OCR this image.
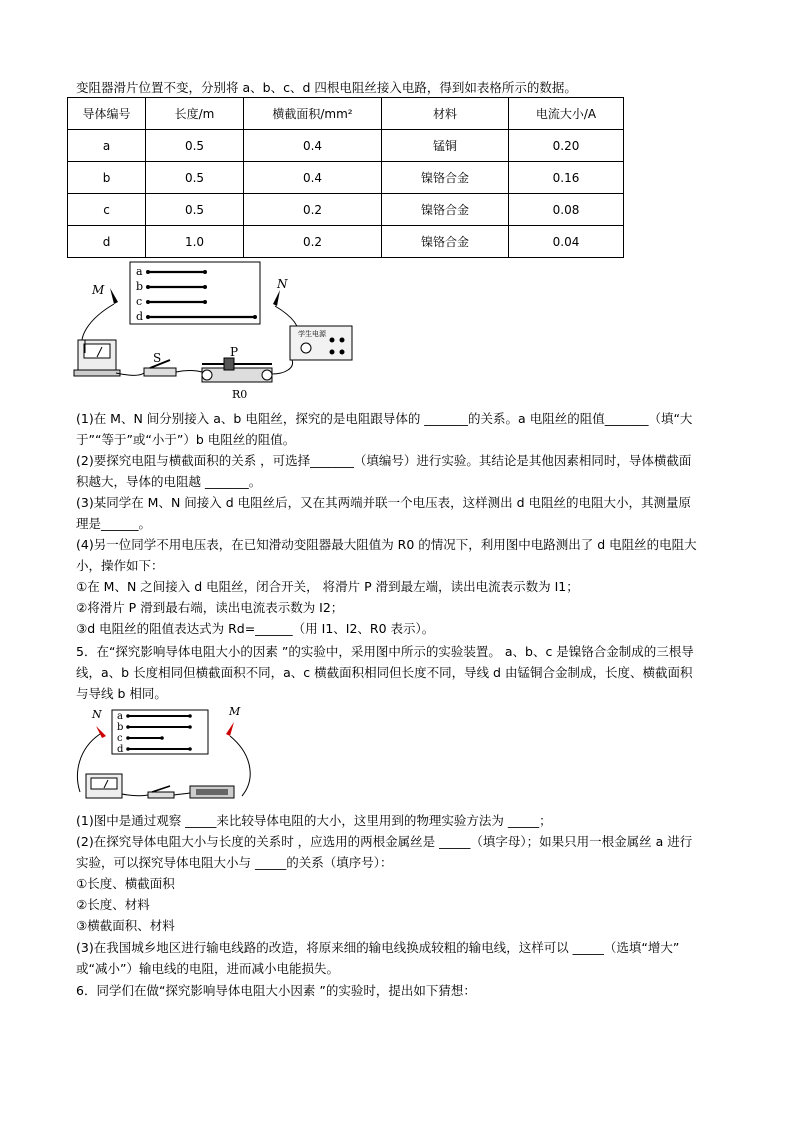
变阻器滑片位置不变，分别将 a、b、c、d 四根电阻丝接入电路，得到如表格所示的数据。
导体编号	长度/m	横截面积/mm²	材料	电流大小/A
a	0.5	0.4	锰铜	0.20
b	0.5	0.4	镍铬合金	0.16
c	0.5	0.2	镍铬合金	0.08
d	1.0	0.2	镍铬合金	0.04
a
b
c
d
M	N
S	P
R0
学生电源
(1)在 M、N 间分别接入 a、b 电阻丝，探究的是电阻跟导体的 _______的关系。a 电阻丝的阻值_______（填“大
于”“等于”或“小于”）b 电阻丝的阻值。
(2)要探究电阻与横截面积的关系 ，可选择_______（填编号）进行实验。其结论是其他因素相同时，导体横截面
积越大，导体的电阻越 _______。
(3)某同学在 M、N 间接入 d 电阻丝后，又在其两端并联一个电压表，这样测出 d 电阻丝的电阻大小，其测量原
理是______。
(4)另一位同学不用电压表，在已知滑动变阻器最大阻值为 R0 的情况下，利用图中电路测出了 d 电阻丝的电阻大
小，操作如下：
①在 M、N 之间接入 d 电阻丝，闭合开关， 将滑片 P 滑到最左端，读出电流表示数为 I1；
②将滑片 P 滑到最右端，读出电流表示数为 I2；
③d 电阻丝的阻值表达式为 Rd=______（用 I1、I2、R0 表示）。
5．在“探究影响导体电阻大小的因素 ”的实验中，采用图中所示的实验装置。 a、b、c 是镍铬合金制成的三根导
线，a、b 长度相同但横截面积不同，a、c 横截面积相同但长度不同，导线 d 由锰铜合金制成，长度、横截面积
与导线 b 相同。
a
b
c
d
N	M
(1)图中是通过观察 _____来比较导体电阻的大小，这里用到的物理实验方法为 _____；
(2)在探究导体电阻大小与长度的关系时 ，应选用的两根金属丝是 _____（填字母）；如果只用一根金属丝 a 进行
实验，可以探究导体电阻大小与 _____的关系（填序号）：
①长度、横截面积
②长度、材料
③横截面积、材料
(3)在我国城乡地区进行输电线路的改造，将原来细的输电线换成较粗的输电线，这样可以 _____（选填“增大”
或“减小”）输电线的电阻，进而减小电能损失。
6．同学们在做“探究影响导体电阻大小因素 ”的实验时，提出如下猜想：
